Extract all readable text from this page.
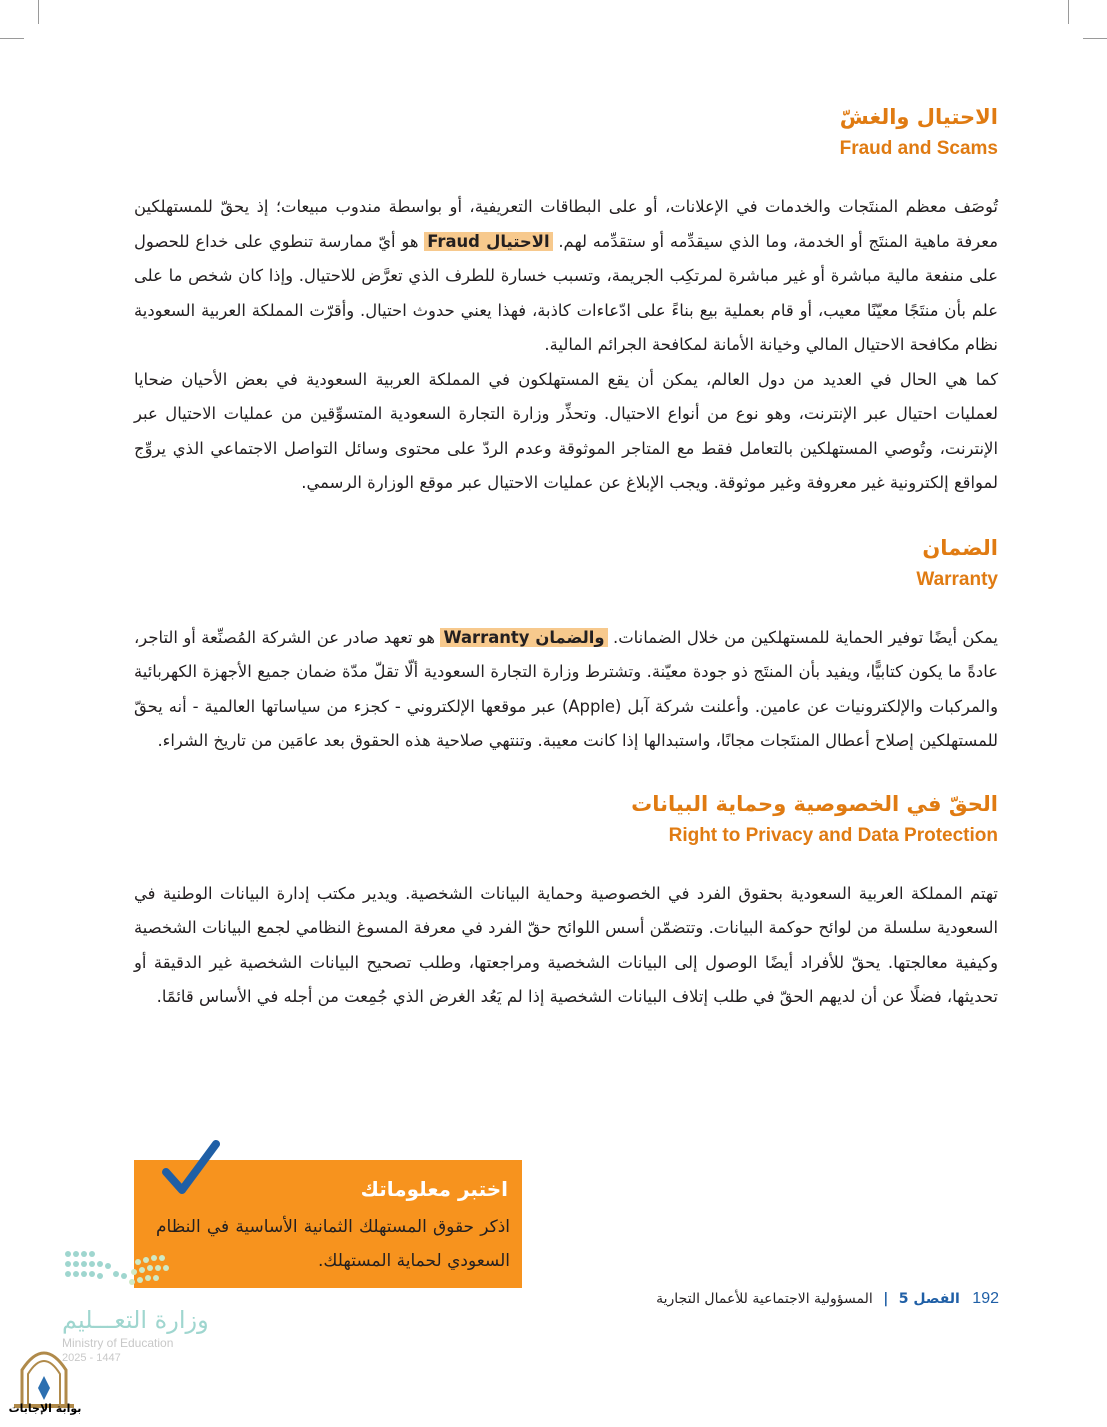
الاحتيال والغشّ
Fraud and Scams

تُوصَف معظم المنتَجات والخدمات في الإعلانات، أو على البطاقات التعريفية، أو بواسطة مندوب مبيعات؛ إذ يحقّ للمستهلكين معرفة ماهية المنتَج أو الخدمة، وما الذي سيقدِّمه أو ستقدِّمه لهم. الاحتيال Fraud هو أيّ ممارسة تنطوي على خداع للحصول على منفعة مالية مباشرة أو غير مباشرة لمرتكِب الجريمة، وتسبب خسارة للطرف الذي تعرَّض للاحتيال. وإذا كان شخص ما على علم بأن منتَجًا معيّنًا معيب، أو قام بعملية بيع بناءً على ادّعاءات كاذبة، فهذا يعني حدوث احتيال. وأقرّت المملكة العربية السعودية نظام مكافحة الاحتيال المالي وخيانة الأمانة لمكافحة الجرائم المالية.

كما هي الحال في العديد من دول العالم، يمكن أن يقع المستهلكون في المملكة العربية السعودية في بعض الأحيان ضحايا لعمليات احتيال عبر الإنترنت، وهو نوع من أنواع الاحتيال. وتحذِّر وزارة التجارة السعودية المتسوِّقين من عمليات الاحتيال عبر الإنترنت، وتُوصي المستهلكين بالتعامل فقط مع المتاجر الموثوقة وعدم الردّ على محتوى وسائل التواصل الاجتماعي الذي يروِّج لمواقع إلكترونية غير معروفة وغير موثوقة. ويجب الإبلاغ عن عمليات الاحتيال عبر موقع الوزارة الرسمي.

الضمان
Warranty

يمكن أيضًا توفير الحماية للمستهلكين من خلال الضمانات. والضمان Warranty هو تعهد صادر عن الشركة المُصنِّعة أو التاجر، عادةً ما يكون كتابيًّا، ويفيد بأن المنتَج ذو جودة معيّنة. وتشترط وزارة التجارة السعودية ألّا تقلّ مدّة ضمان جميع الأجهزة الكهربائية والمركبات والإلكترونيات عن عامين. وأعلنت شركة آبل (Apple) عبر موقعها الإلكتروني - كجزء من سياساتها العالمية - أنه يحقّ للمستهلكين إصلاح أعطال المنتَجات مجانًا، واستبدالها إذا كانت معيبة. وتنتهي صلاحية هذه الحقوق بعد عامَين من تاريخ الشراء.

الحقّ في الخصوصية وحماية البيانات
Right to Privacy and Data Protection

تهتم المملكة العربية السعودية بحقوق الفرد في الخصوصية وحماية البيانات الشخصية. ويدير مكتب إدارة البيانات الوطنية في السعودية سلسلة من لوائح حوكمة البيانات. وتتضمّن أسس اللوائح حقّ الفرد في معرفة المسوغ النظامي لجمع البيانات الشخصية وكيفية معالجتها. يحقّ للأفراد أيضًا الوصول إلى البيانات الشخصية ومراجعتها، وطلب تصحيح البيانات الشخصية غير الدقيقة أو تحديثها، فضلًا عن أن لديهم الحقّ في طلب إتلاف البيانات الشخصية إذا لم يَعُد الغرض الذي جُمِعت من أجله في الأساس قائمًا.

اختبر معلوماتك
اذكر حقوق المستهلك الثمانية الأساسية في النظام السعودي لحماية المستهلك.
192 الفصل 5 | المسؤولية الاجتماعية للأعمال التجارية
وزارة التعـــليم
Ministry of Education
2025 - 1447
بوابة الإجابات
